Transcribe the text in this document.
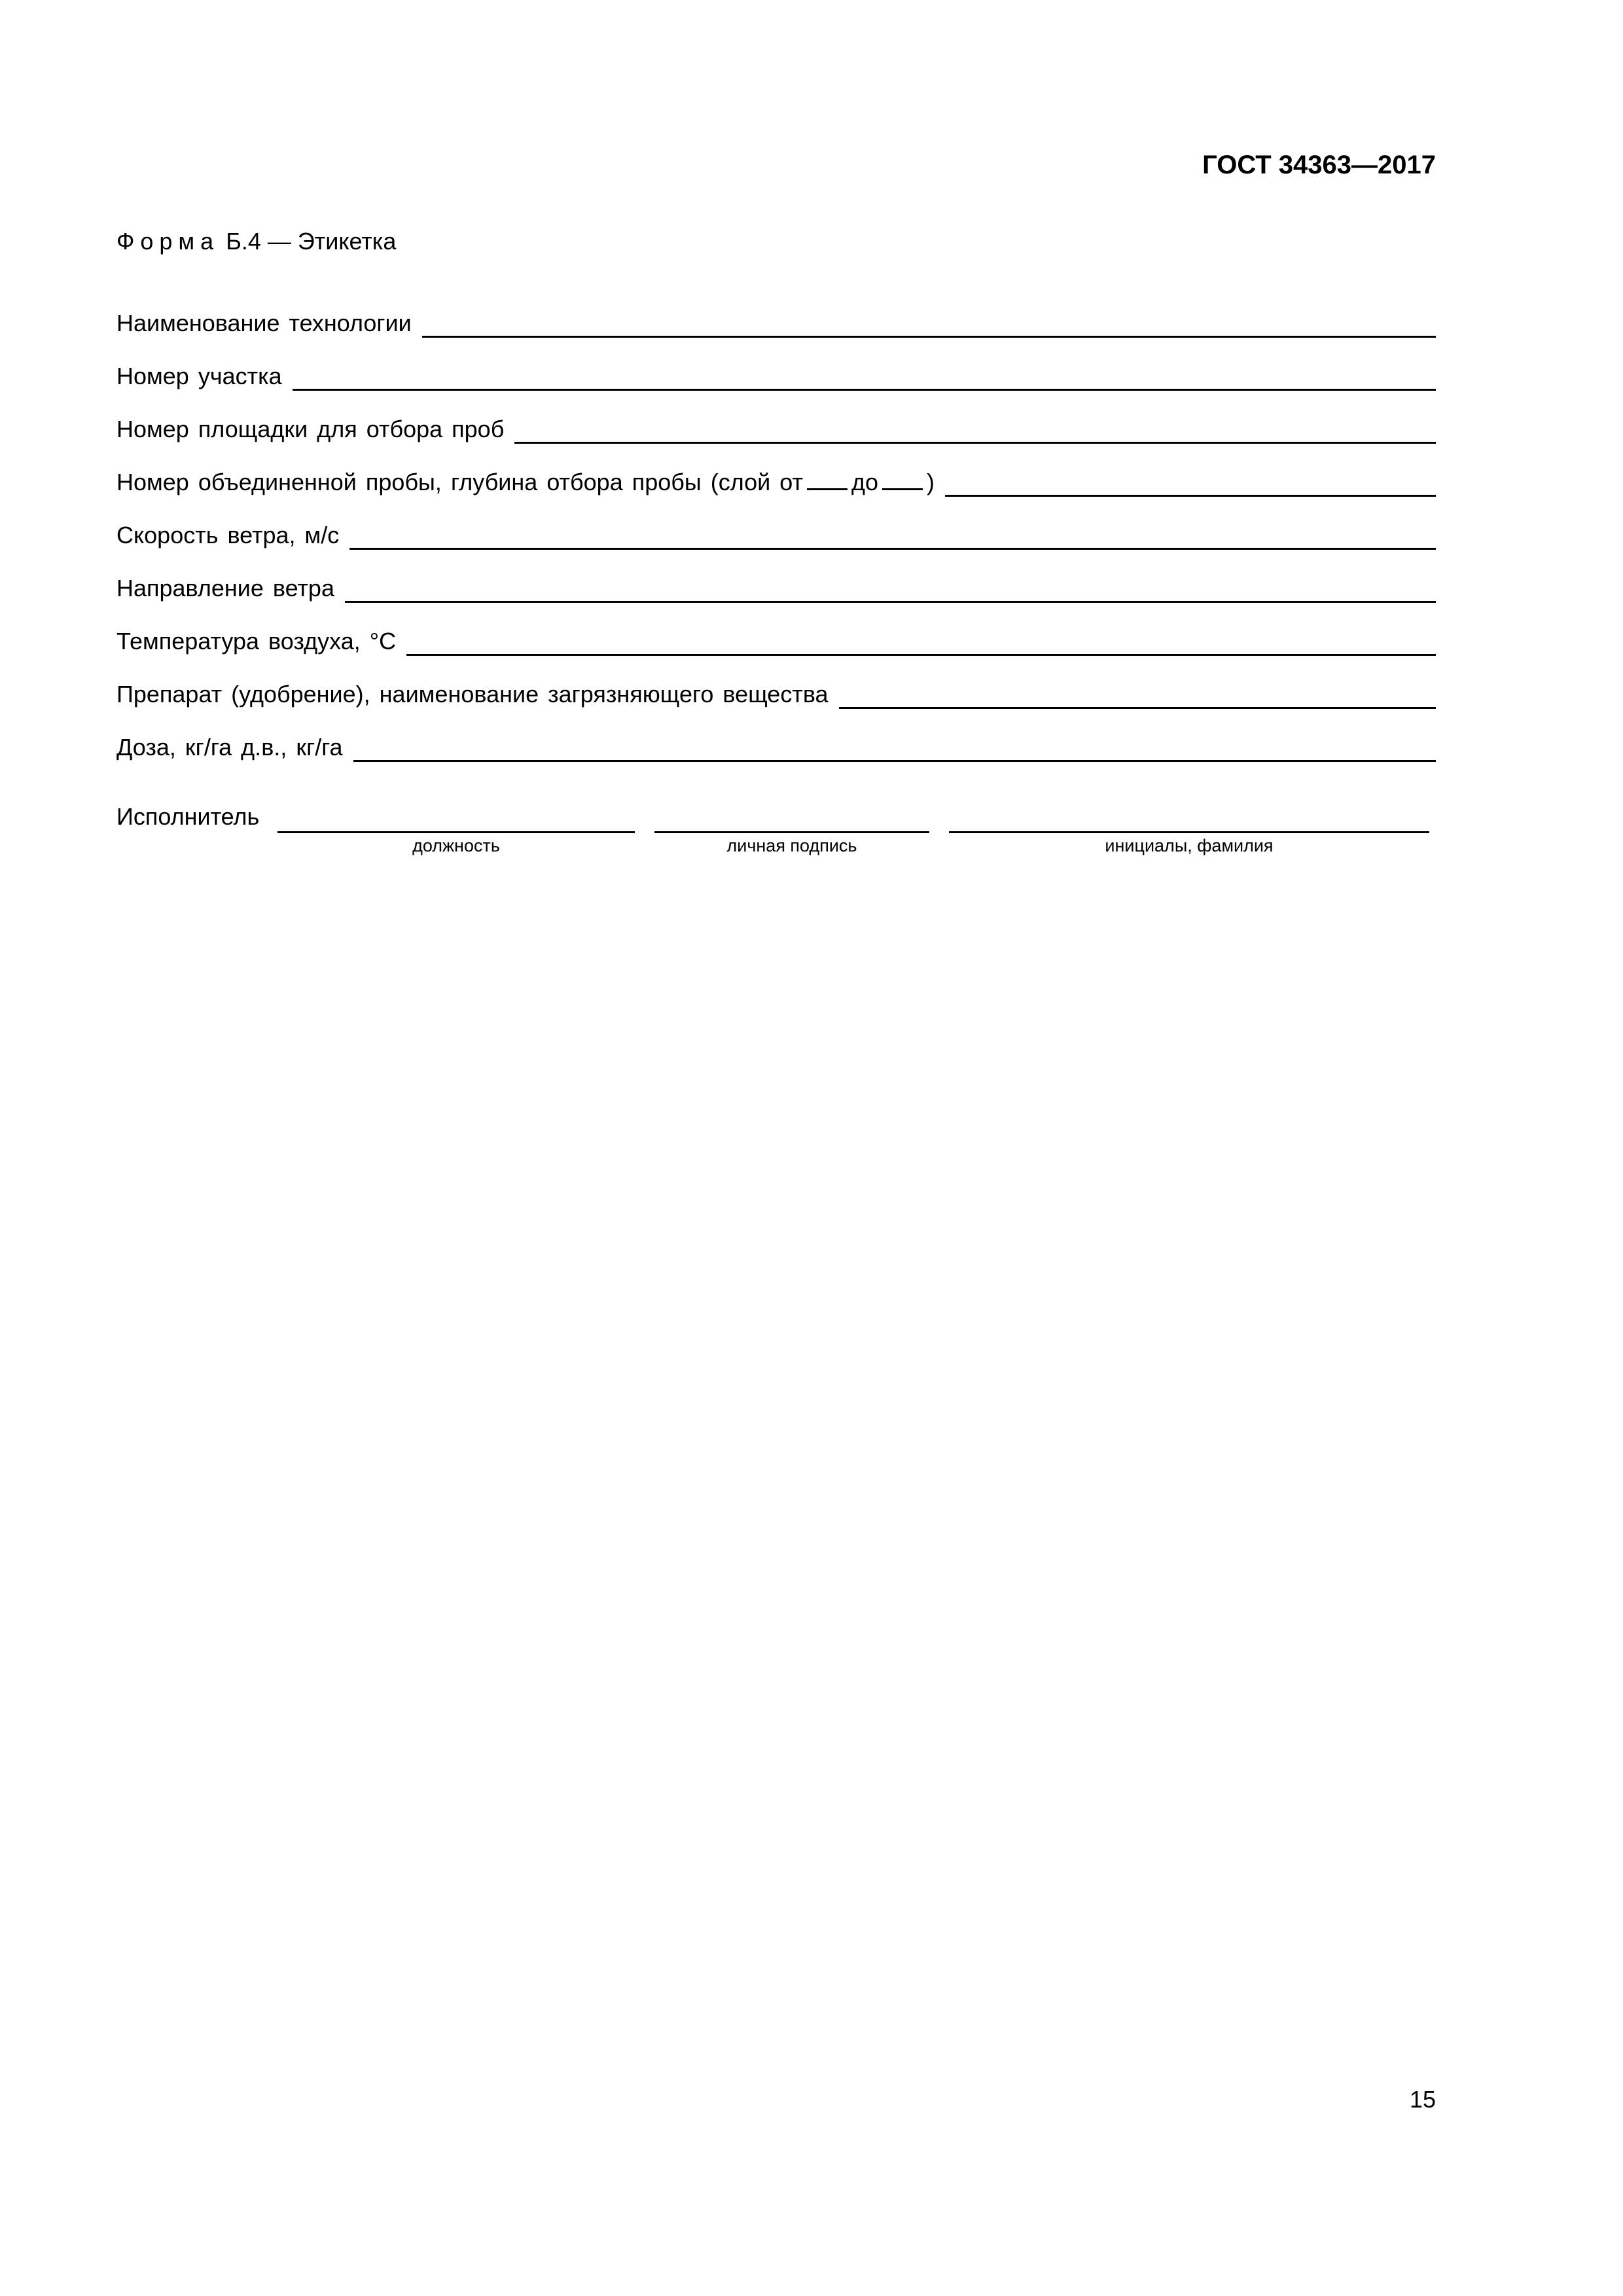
ГОСТ 34363—2017
Форма Б.4 — Этикетка
Наименование технологии
Номер участка
Номер площадки для отбора проб
Номер объединенной пробы, глубина отбора пробы (слой от до )
Скорость ветра, м/с
Направление ветра
Температура воздуха, °С
Препарат (удобрение), наименование загрязняющего вещества
Доза, кг/га д.в., кг/га
Исполнитель
должность	личная подпись	инициалы, фамилия
15
